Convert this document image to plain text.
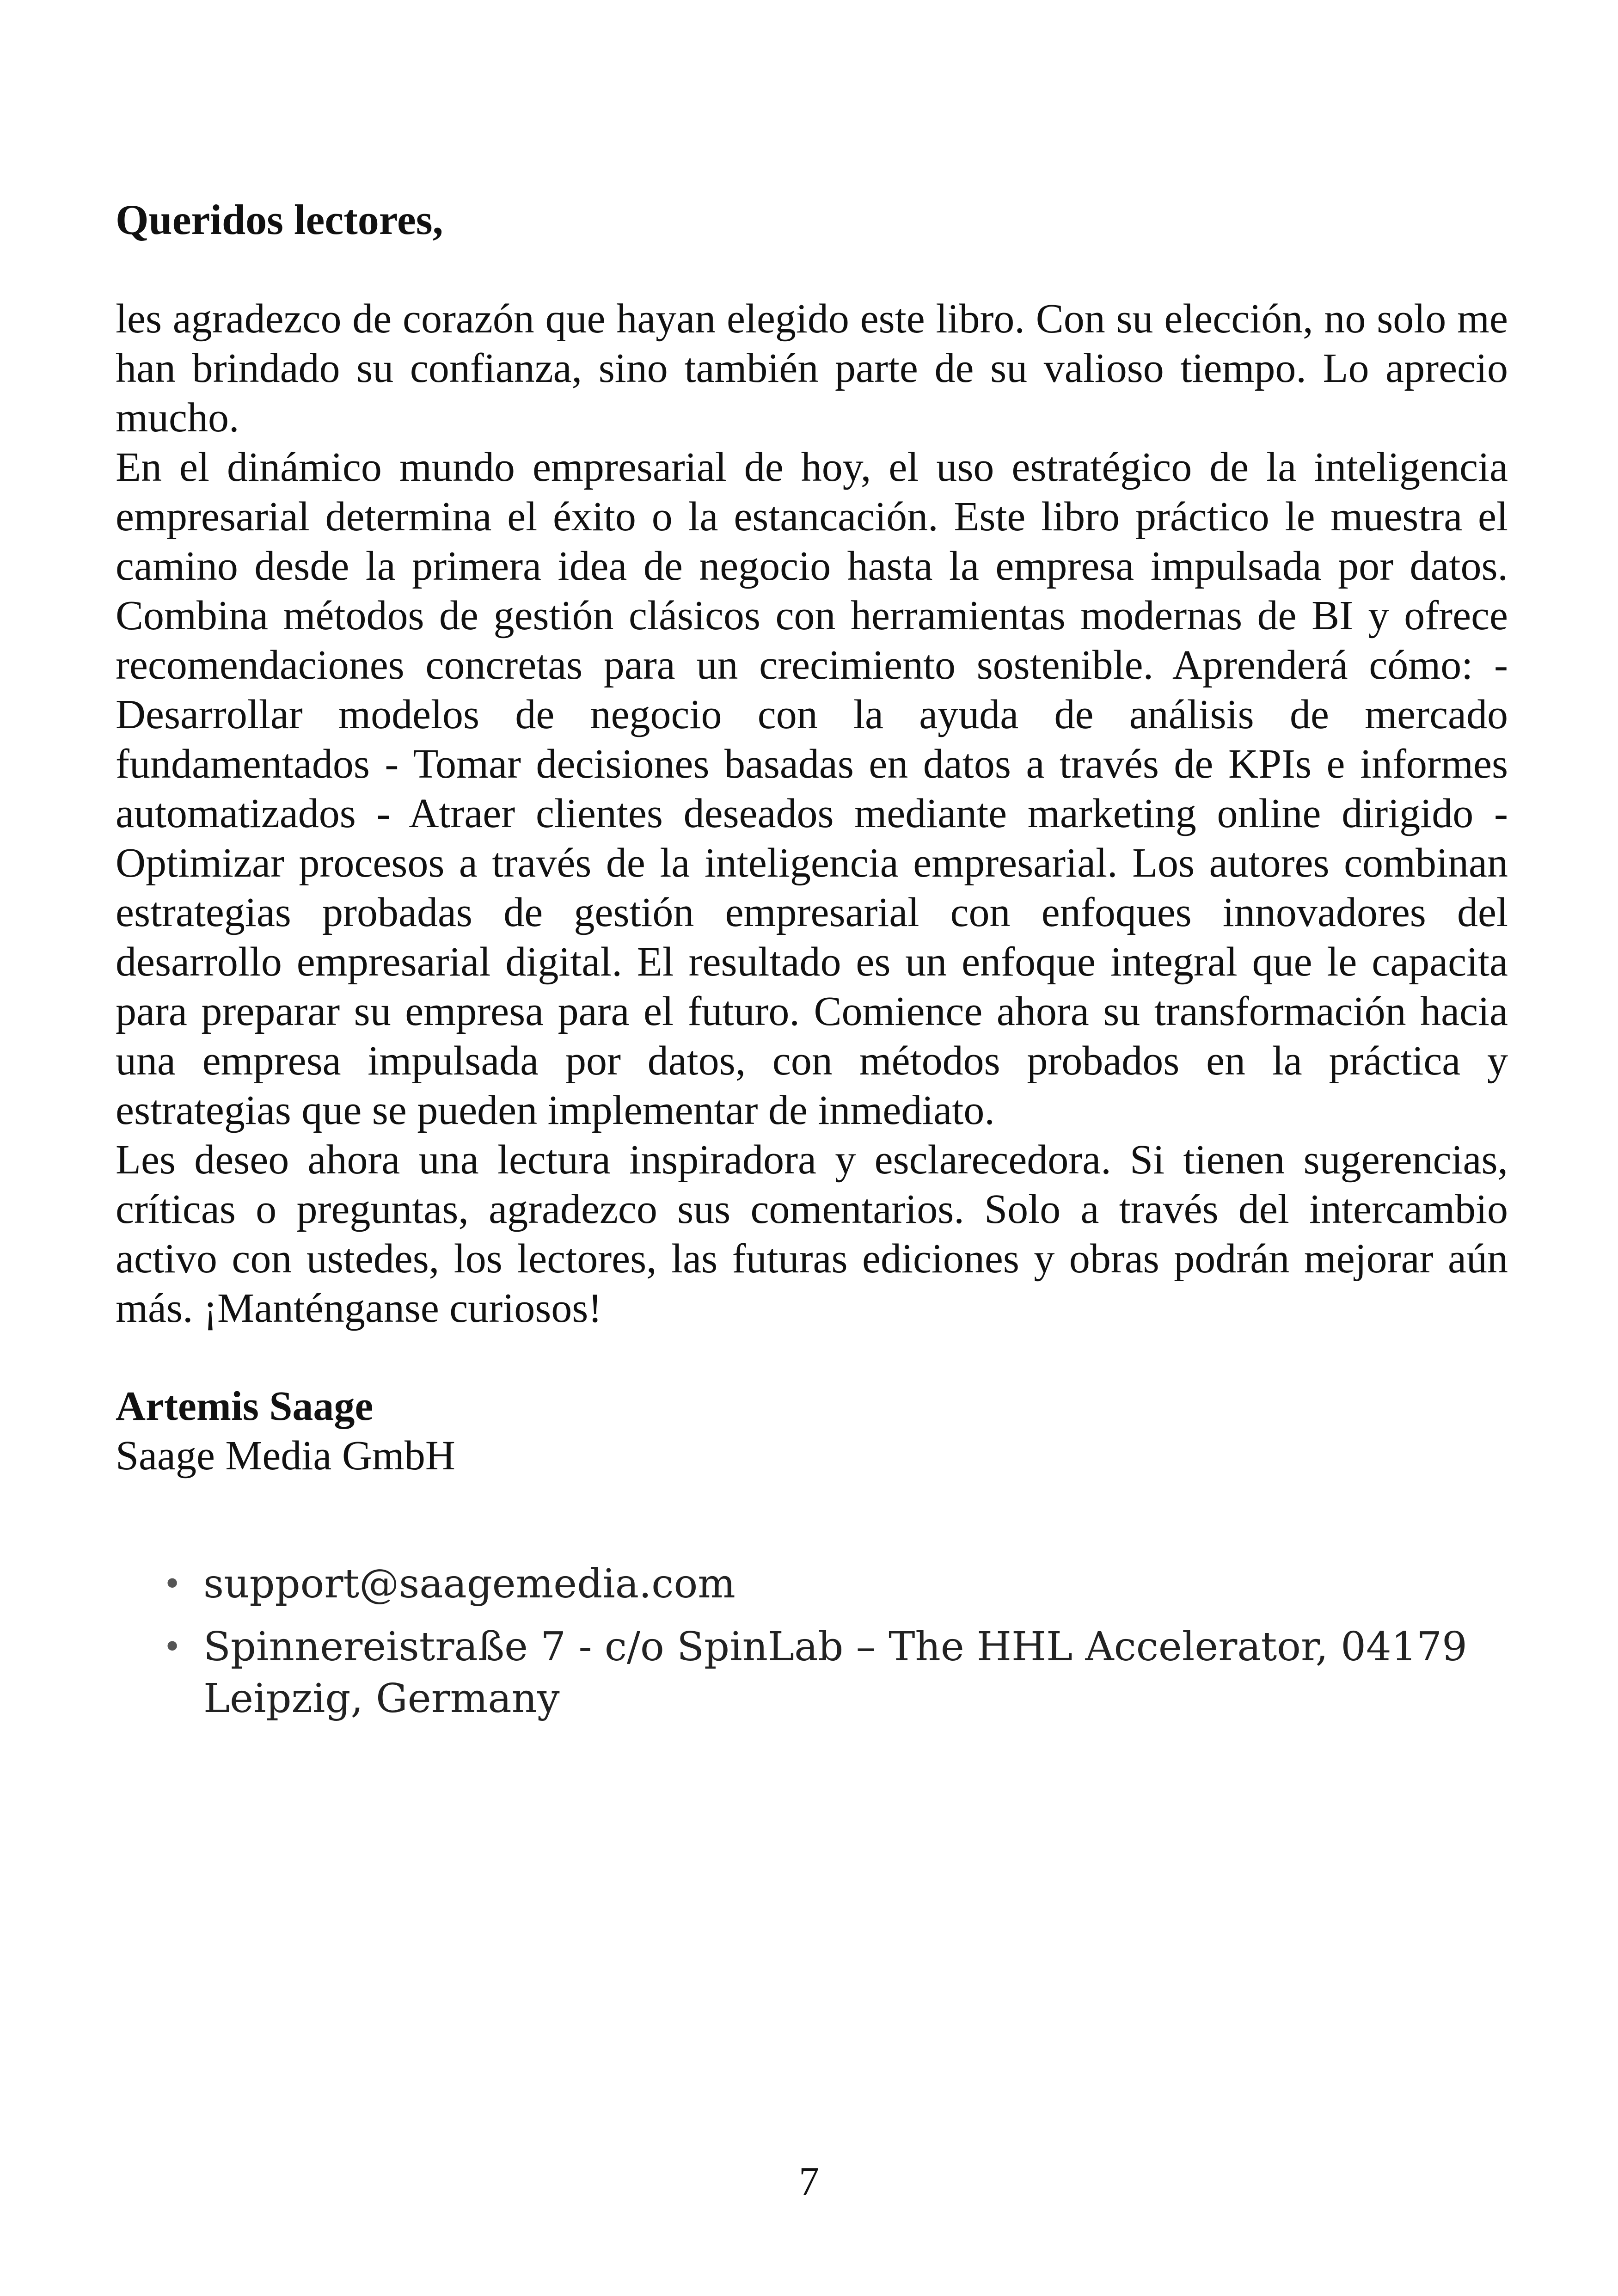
Queridos lectores,

les agradezco de corazón que hayan elegido este libro. Con su elección, no solo me han brindado su confianza, sino también parte de su valioso tiempo. Lo aprecio mucho.

En el dinámico mundo empresarial de hoy, el uso estratégico de la inteligencia empresarial determina el éxito o la estancación. Este libro práctico le muestra el camino desde la primera idea de negocio hasta la empresa impulsada por datos. Combina métodos de gestión clásicos con herramientas modernas de BI y ofrece recomendaciones concretas para un crecimiento sostenible. Aprenderá cómo: - Desarrollar modelos de negocio con la ayuda de análisis de mercado fundamentados - Tomar decisiones basadas en datos a través de KPIs e informes automatizados - Atraer clientes deseados mediante marketing online dirigido - Optimizar procesos a través de la inteligencia empresarial. Los autores combinan estrategias probadas de gestión empresarial con enfoques innovadores del desarrollo empresarial digital. El resultado es un enfoque integral que le capacita para preparar su empresa para el futuro. Comience ahora su transformación hacia una empresa impulsada por datos, con métodos probados en la práctica y estrategias que se pueden implementar de inmediato.

Les deseo ahora una lectura inspiradora y esclarecedora. Si tienen sugerencias, críticas o preguntas, agradezco sus comentarios. Solo a través del intercambio activo con ustedes, los lectores, las futuras ediciones y obras podrán mejorar aún más. ¡Manténganse curiosos!

Artemis Saage
Saage Media GmbH
• support@saagemedia.com
• Spinnereistraße 7 - c/o SpinLab – The HHL Accelerator, 04179 Leipzig, Germany
7
